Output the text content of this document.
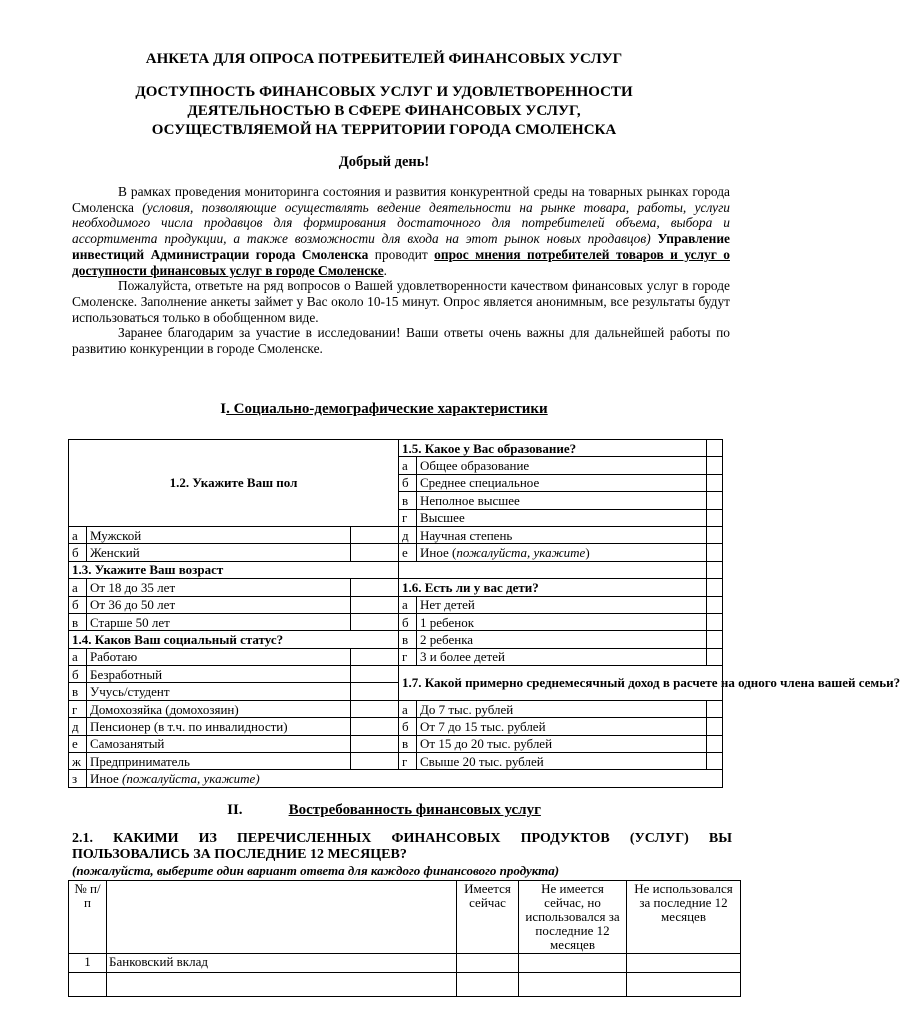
АНКЕТА ДЛЯ ОПРОСА ПОТРЕБИТЕЛЕЙ ФИНАНСОВЫХ УСЛУГ

ДОСТУПНОСТЬ ФИНАНСОВЫХ УСЛУГ И УДОВЛЕТВОРЕННОСТИ

ДЕЯТЕЛЬНОСТЬЮ В СФЕРЕ ФИНАНСОВЫХ УСЛУГ,

ОСУЩЕСТВЛЯЕМОЙ НА ТЕРРИТОРИИ ГОРОДА СМОЛЕНСКА

Добрый день!

В рамках проведения мониторинга состояния и развития конкурентной среды на товарных рынках города Смоленска (условия, позволяющие осуществлять ведение деятельности на рынке товара, работы, услуги необходимого числа продавцов для формирования достаточного для потребителей объема, выбора и ассортимента продукции, а также возможности для входа на этот рынок новых продавцов) Управление инвестиций Администрации города Смоленска проводит опрос мнения потребителей товаров и услуг о доступности финансовых услуг в городе Смоленске.

Пожалуйста, ответьте на ряд вопросов о Вашей удовлетворенности качеством финансовых услуг в городе Смоленске. Заполнение анкеты займет у Вас около 10-15 минут. Опрос является анонимным, все результаты будут использоваться только в обобщенном виде.

Заранее благодарим за участие в исследовании! Ваши ответы очень важны для дальнейшей работы по развитию конкуренции в городе Смоленске.

I. Социально-демографические характеристики

1.2. Укажите Ваш пол			1.5. Какое у Вас образование?		
			а	Общее образование	
			б	Среднее специальное	
			в	Неполное высшее	
			г	Высшее	
а	Мужской		д	Научная степень	
б	Женский		е	Иное (пожалуйста, укажите)	
1.3. Укажите Ваш возраст					
а	От 18 до 35 лет		1.6. Есть ли у вас дети?		
б	От 36 до 50 лет		а	Нет детей	
в	Старше 50 лет		б	1 ребенок	
1.4. Каков Ваш социальный статус?			в	2 ребенка	
а	Работаю		г	3 и более детей	
б	Безработный		1.7. Какой примерно среднемесячный доход в расчете на одного члена вашей семьи?		
в	Учусь/студент				
г	Домохозяйка (домохозяин)		а	До 7 тыс. рублей	
д	Пенсионер (в т.ч. по инвалидности)		б	От 7 до 15 тыс. рублей	
е	Самозанятый		в	От 15 до 20 тыс. рублей	
ж	Предприниматель		г	Свыше 20 тыс. рублей	
з	Иное (пожалуйста, укажите)				

II.	Востребованность финансовых услуг

2.1. КАКИМИ ИЗ ПЕРЕЧИСЛЕННЫХ ФИНАНСОВЫХ ПРОДУКТОВ (УСЛУГ) ВЫ ПОЛЬЗОВАЛИСЬ ЗА ПОСЛЕДНИЕ 12 МЕСЯЦЕВ?

(пожалуйста, выберите один вариант ответа для каждого финансового продукта)

№ п/п		Имеется сейчас	Не имеется сейчас, но использовался за последние 12 месяцев	Не использовался за последние 12 месяцев
1	Банковский вклад			
